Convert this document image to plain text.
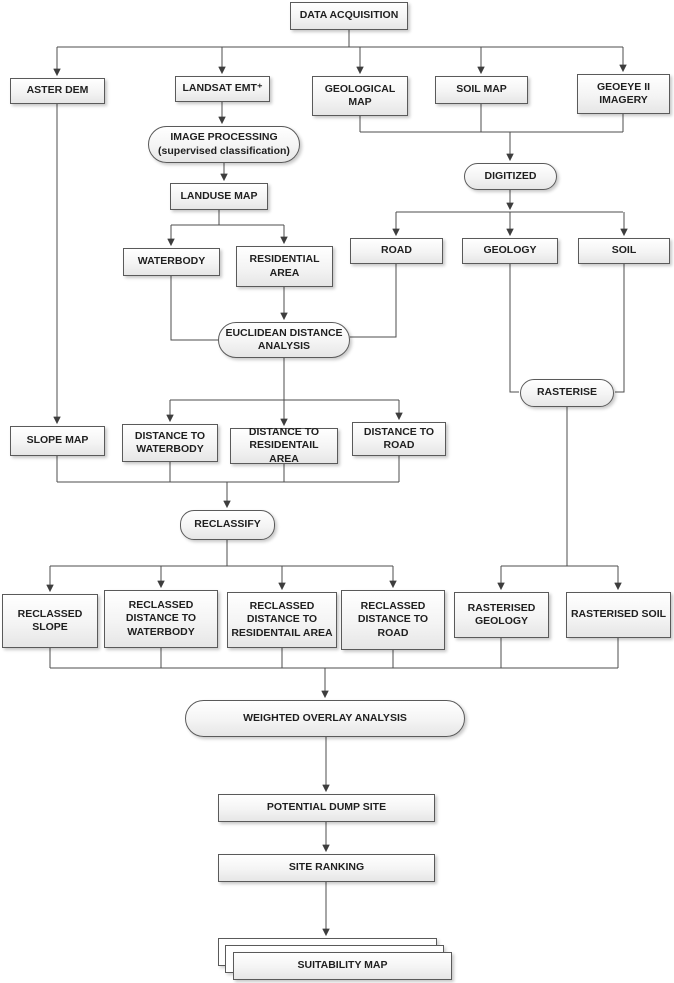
DATA ACQUISITION
ASTER DEM	LANDSAT EMT⁺	GEOLOGICAL MAP
SOIL MAP	GEOEYE II IMAGERY
IMAGE PROCESSING (supervised classification)
LANDUSE MAP
DIGITIZED
WATERBODY	RESIDENTIAL AREA
ROAD	GEOLOGY	SOIL
EUCLIDEAN DISTANCE ANALYSIS
RASTERISE
SLOPE MAP	DISTANCE TO WATERBODY
DISTANCE TO RESIDENTAIL AREA
DISTANCE TO ROAD
RECLASSIFY
RECLASSED SLOPE
RECLASSED DISTANCE TO WATERBODY
RECLASSED DISTANCE TO RESIDENTAIL AREA
RECLASSED DISTANCE TO ROAD
RASTERISED GEOLOGY
RASTERISED SOIL
WEIGHTED OVERLAY ANALYSIS
POTENTIAL DUMP SITE
SITE RANKING
SUITABILITY MAP
